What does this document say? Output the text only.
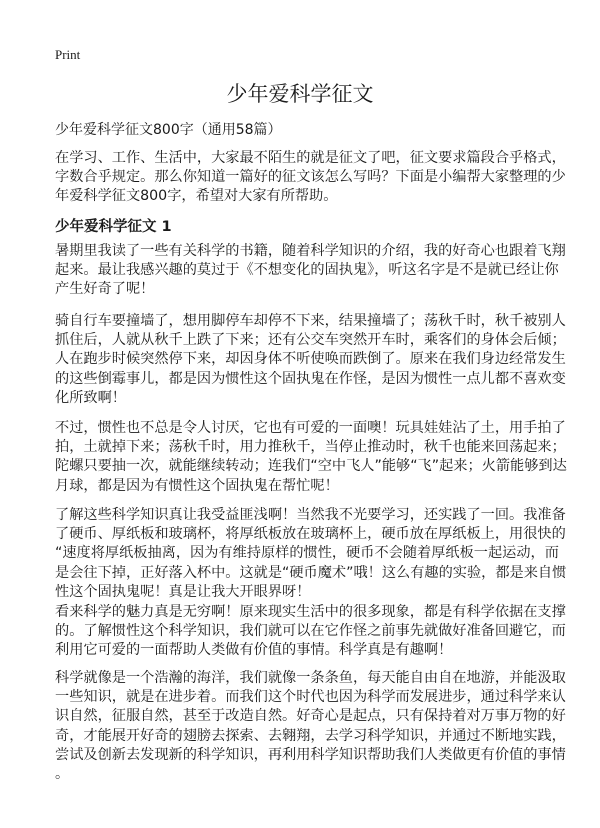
Print
少年爱科学征文
少年爱科学征文800字（通用58篇）
在学习、工作、生活中，大家最不陌生的就是征文了吧，征文要求篇段合乎格式，
字数合乎规定。那么你知道一篇好的征文该怎么写吗？下面是小编帮大家整理的少
年爱科学征文800字，希望对大家有所帮助。
少年爱科学征文 1
暑期里我读了一些有关科学的书籍，随着科学知识的介绍，我的好奇心也跟着飞翔
起来。最让我感兴趣的莫过于《不想变化的固执鬼》，听这名字是不是就已经让你
产生好奇了呢！
骑自行车要撞墙了，想用脚停车却停不下来，结果撞墙了；荡秋千时，秋千被别人
抓住后，人就从秋千上跌了下来；还有公交车突然开车时，乘客们的身体会后倾；
人在跑步时候突然停下来，却因身体不听使唤而跌倒了。原来在我们身边经常发生
的这些倒霉事儿，都是因为惯性这个固执鬼在作怪，是因为惯性一点儿都不喜欢变
化所致啊！
不过，惯性也不总是令人讨厌，它也有可爱的一面噢！玩具娃娃沾了土，用手拍了
拍，土就掉下来；荡秋千时，用力推秋千，当停止推动时，秋千也能来回荡起来；
陀螺只要抽一次，就能继续转动；连我们“空中飞人”能够“飞”起来；火箭能够到达
月球，都是因为有惯性这个固执鬼在帮忙呢！
了解这些科学知识真让我受益匪浅啊！当然我不光要学习，还实践了一回。我准备
了硬币、厚纸板和玻璃杯，将厚纸板放在玻璃杯上，硬币放在厚纸板上，用很快的
“速度将厚纸板抽离，因为有维持原样的惯性，硬币不会随着厚纸板一起运动，而
是会往下掉，正好落入杯中。这就是“硬币魔术”哦！这么有趣的实验，都是来自惯
性这个固执鬼呢！真是让我大开眼界呀！
看来科学的魅力真是无穷啊！原来现实生活中的很多现象，都是有科学依据在支撑
的。了解惯性这个科学知识，我们就可以在它作怪之前事先就做好准备回避它，而
利用它可爱的一面帮助人类做有价值的事情。科学真是有趣啊！
科学就像是一个浩瀚的海洋，我们就像一条条鱼，每天能自由自在地游，并能汲取
一些知识，就是在进步着。而我们这个时代也因为科学而发展进步，通过科学来认
识自然，征服自然，甚至于改造自然。好奇心是起点，只有保持着对万事万物的好
奇，才能展开好奇的翅膀去探索、去翱翔，去学习科学知识，并通过不断地实践，
尝试及创新去发现新的科学知识，再利用科学知识帮助我们人类做更有价值的事情
。
